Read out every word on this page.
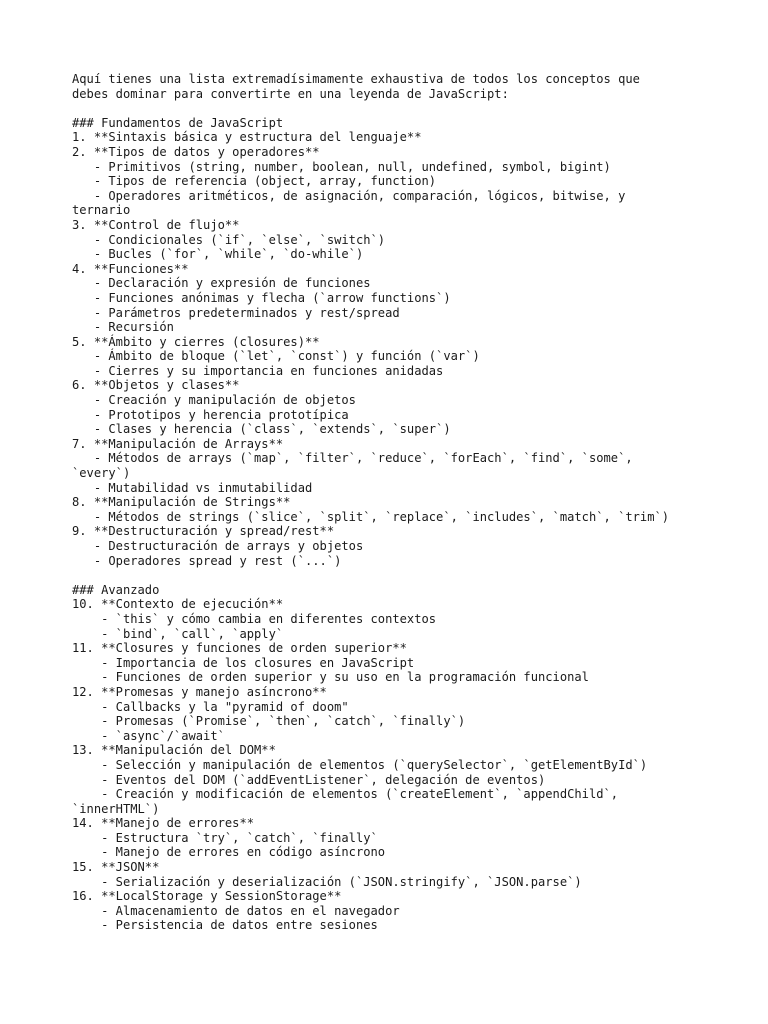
Aquí tienes una lista extremadísimamente exhaustiva de todos los conceptos que
debes dominar para convertirte en una leyenda de JavaScript:
### Fundamentos de JavaScript
1. **Sintaxis básica y estructura del lenguaje**
2. **Tipos de datos y operadores**
- Primitivos (string, number, boolean, null, undefined, symbol, bigint)
- Tipos de referencia (object, array, function)
- Operadores aritméticos, de asignación, comparación, lógicos, bitwise, y
ternario
3. **Control de flujo**
- Condicionales (`if`, `else`, `switch`)
- Bucles (`for`, `while`, `do-while`)
4. **Funciones**
- Declaración y expresión de funciones
- Funciones anónimas y flecha (`arrow functions`)
- Parámetros predeterminados y rest/spread
- Recursión
5. **Ámbito y cierres (closures)**
- Ámbito de bloque (`let`, `const`) y función (`var`)
- Cierres y su importancia en funciones anidadas
6. **Objetos y clases**
- Creación y manipulación de objetos
- Prototipos y herencia prototípica
- Clases y herencia (`class`, `extends`, `super`)
7. **Manipulación de Arrays**
- Métodos de arrays (`map`, `filter`, `reduce`, `forEach`, `find`, `some`,
`every`)
- Mutabilidad vs inmutabilidad
8. **Manipulación de Strings**
- Métodos de strings (`slice`, `split`, `replace`, `includes`, `match`, `trim`)
9. **Destructuración y spread/rest**
- Destructuración de arrays y objetos
- Operadores spread y rest (`...`)
### Avanzado
10. **Contexto de ejecución**
- `this` y cómo cambia en diferentes contextos
- `bind`, `call`, `apply`
11. **Closures y funciones de orden superior**
- Importancia de los closures en JavaScript
- Funciones de orden superior y su uso en la programación funcional
12. **Promesas y manejo asíncrono**
- Callbacks y la "pyramid of doom"
- Promesas (`Promise`, `then`, `catch`, `finally`)
- `async`/`await`
13. **Manipulación del DOM**
- Selección y manipulación de elementos (`querySelector`, `getElementById`)
- Eventos del DOM (`addEventListener`, delegación de eventos)
- Creación y modificación de elementos (`createElement`, `appendChild`,
`innerHTML`)
14. **Manejo de errores**
- Estructura `try`, `catch`, `finally`
- Manejo de errores en código asíncrono
15. **JSON**
- Serialización y deserialización (`JSON.stringify`, `JSON.parse`)
16. **LocalStorage y SessionStorage**
- Almacenamiento de datos en el navegador
- Persistencia de datos entre sesiones
